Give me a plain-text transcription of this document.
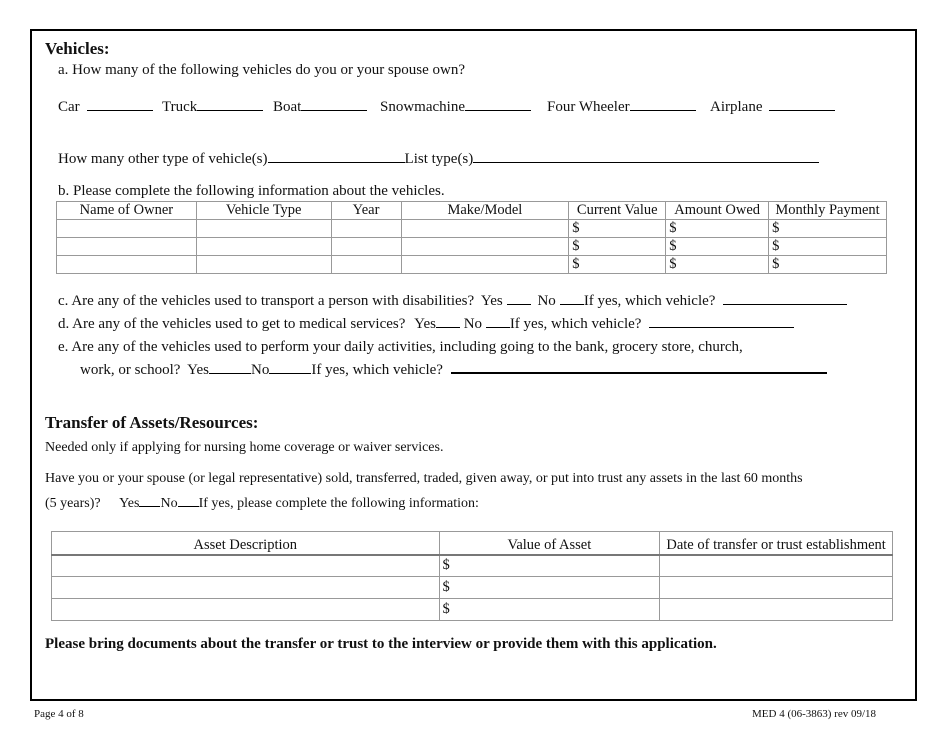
Vehicles:
a. How many of the following vehicles do you or your spouse own?
Car	Truck	Boat	Snowmachine	Four Wheeler	Airplane
How many other type of vehicle(s)	List type(s)
b. Please complete the following information about the vehicles.
Name of Owner	Vehicle Type	Year	Make/Model	Current Value	Amount Owed	Monthly Payment
				$	$	$
				$	$	$
				$	$	$
c. Are any of the vehicles used to transport a person with disabilities? Yes No If yes, which vehicle?
d. Are any of the vehicles used to get to medical services? Yes No If yes, which vehicle?
e. Are any of the vehicles used to perform your daily activities, including going to the bank, grocery store, church,
work, or school? Yes	No	If yes, which vehicle?
Transfer of Assets/Resources:
Needed only if applying for nursing home coverage or waiver services.
Have you or your spouse (or legal representative) sold, transferred, traded, given away, or put into trust any assets in the last 60 months
(5 years)? Yes No If yes, please complete the following information:
Asset Description	Value of Asset	Date of transfer or trust establishment
	$	
	$	
	$	
Please bring documents about the transfer or trust to the interview or provide them with this application.
Page 4 of 8	MED 4 (06-3863) rev 09/18
